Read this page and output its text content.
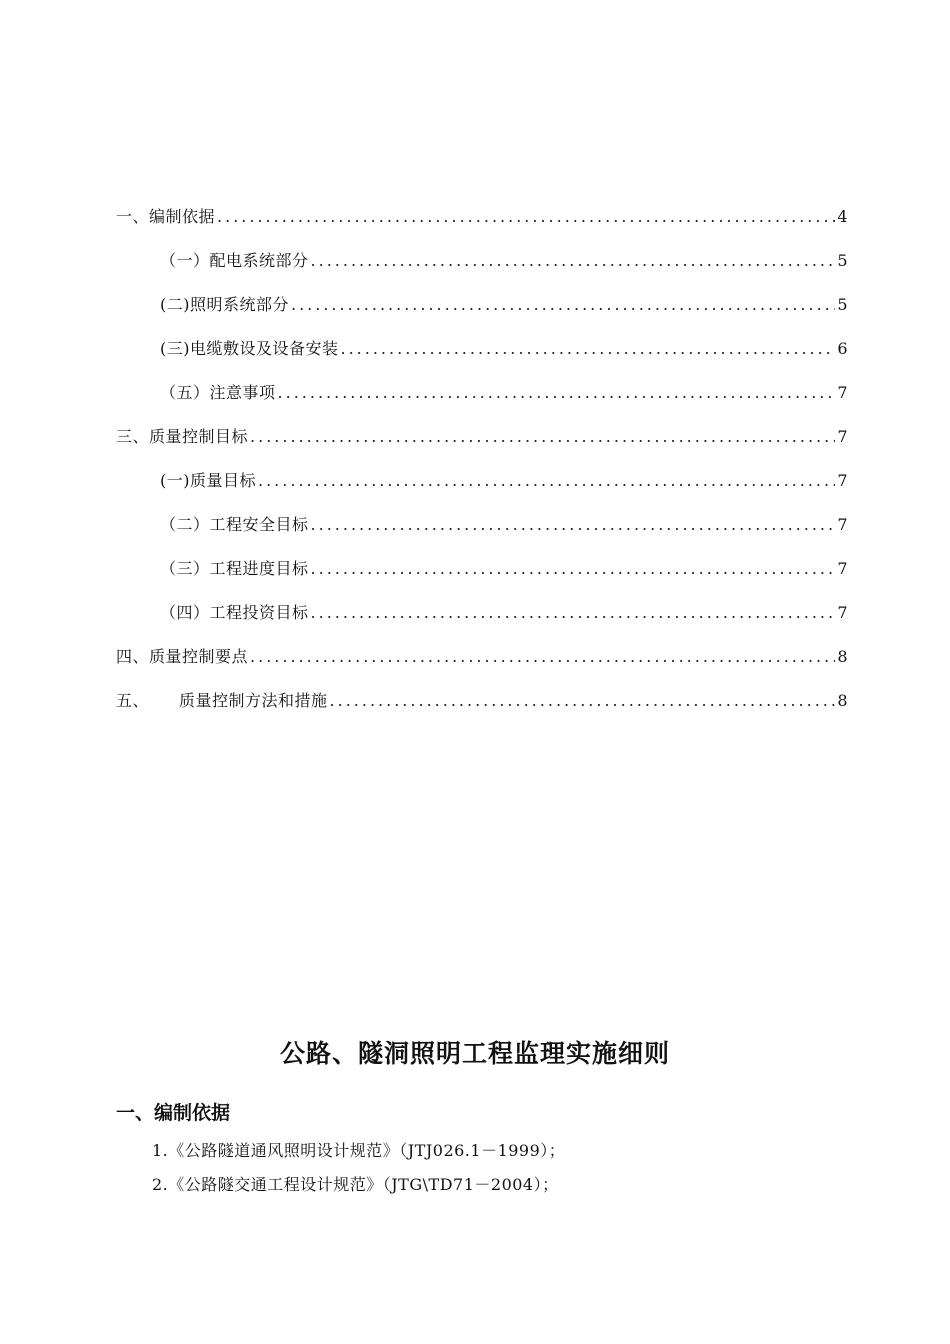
一、编制依据 .....	4
（一）配电系统部分 .....	5
(二)照明系统部分 .....	5
(三)电缆敷设及设备安装 .....	6
（五）注意事项 .....	7
三、质量控制目标 .....	7
(一)质量目标 .....	7
（二）工程安全目标 .....	7
（三）工程进度目标 .....	7
（四）工程投资目标 .....	7
四、质量控制要点 .....	8
五、 质量控制方法和措施 .....	8
公路、隧洞照明工程监理实施细则
一、编制依据
1.《公路隧道通风照明设计规范》（JTJ026.1－1999）；
2.《公路隧交通工程设计规范》（JTG\TD71－2004）；
